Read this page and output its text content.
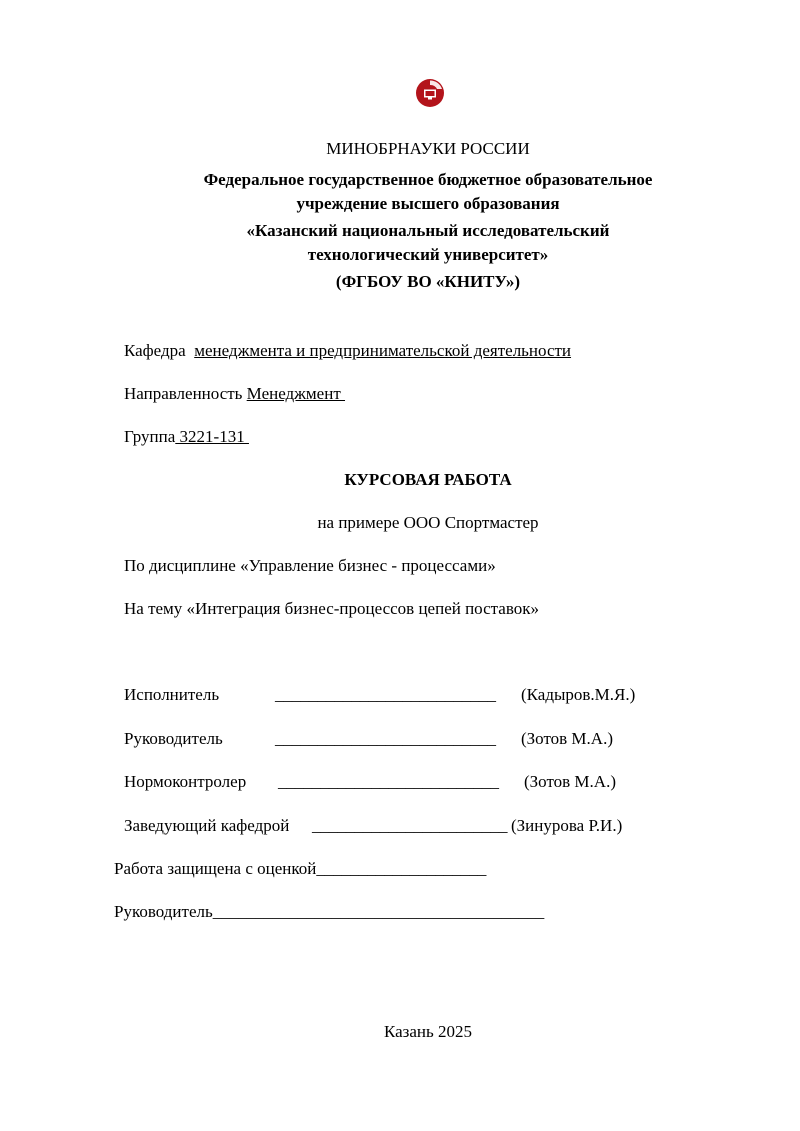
МИНОБРНАУКИ РОССИИ
Федеральное государственное бюджетное образовательное
учреждение высшего образования
«Казанский национальный исследовательский
технологический университет»
(ФГБОУ ВО «КНИТУ»)
Кафедра  менеджмента и предпринимательской деятельности
Направленность Менеджмент
Группа 3221-131
КУРСОВАЯ РАБОТА
на примере ООО Спортмастер
По дисциплине «Управление бизнес - процессами»
На тему «Интеграция бизнес-процессов цепей поставок»
Исполнитель	__________________________ (Кадыров.М.Я.)
Руководитель	__________________________ (Зотов М.А.)
Нормоконтролер __________________________ (Зотов М.А.)
Заведующий кафедрой _______________________ (Зинурова Р.И.)
Работа защищена с оценкой____________________
Руководитель_______________________________________
Казань 2025
